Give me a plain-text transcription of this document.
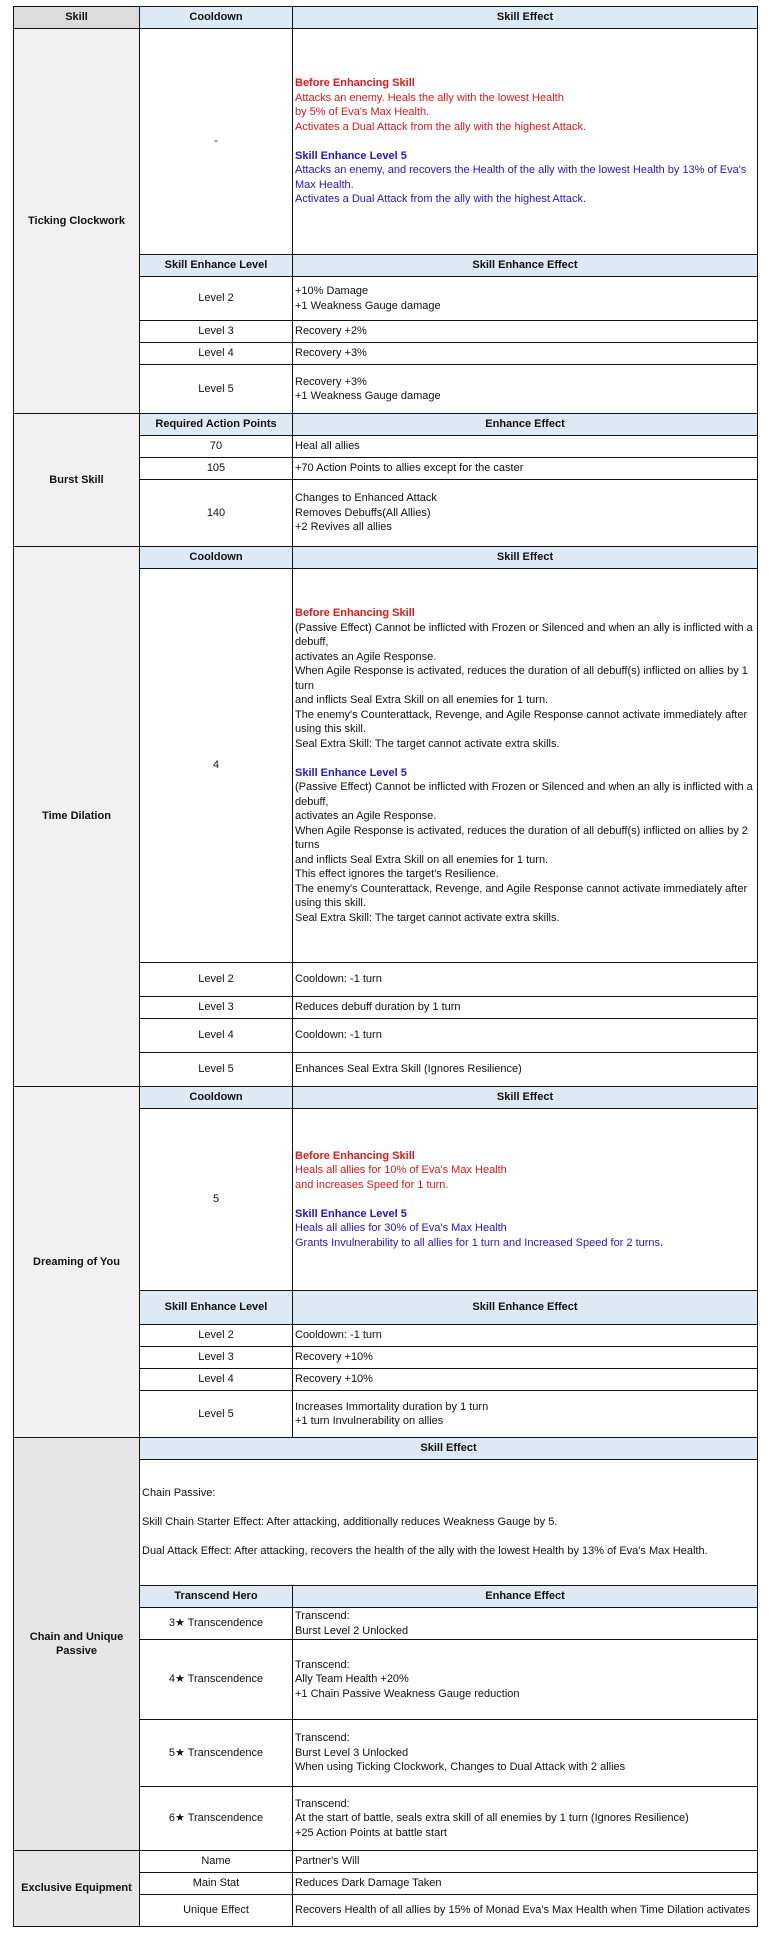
Skill	Cooldown	Skill Effect
Ticking Clockwork	-	
Before Enhancing Skill
Attacks an enemy. Heals the ally with the lowest Health
by 5% of Eva's Max Health.
Activates a Dual Attack from the ally with the highest Attack.
Skill Enhance Level 5
Attacks an enemy, and recovers the Health of the ally with the lowest Health by 13% of Eva's Max Health.
Activates a Dual Attack from the ally with the highest Attack.

	Skill Enhance Level	Skill Enhance Effect
	Level 2	+10% Damage
+1 Weakness Gauge damage

	Level 3	Recovery +2%
	Level 4	Recovery +3%
	Level 5	Recovery +3%
+1 Weakness Gauge damage

Burst Skill	Required Action Points	Enhance Effect
	70	Heal all allies
	105	+70 Action Points to allies except for the caster
	140	Changes to Enhanced Attack
Removes Debuffs(All Allies)
+2 Revives all allies

Time Dilation	Cooldown	Skill Effect
4	
Before Enhancing Skill
(Passive Effect) Cannot be inflicted with Frozen or Silenced and when an ally is inflicted with a debuff,
activates an Agile Response.
When Agile Response is activated, reduces the duration of all debuff(s) inflicted on allies by 1 turn
and inflicts Seal Extra Skill on all enemies for 1 turn.
The enemy's Counterattack, Revenge, and Agile Response cannot activate immediately after using this skill.
Seal Extra Skill: The target cannot activate extra skills.
Skill Enhance Level 5
(Passive Effect) Cannot be inflicted with Frozen or Silenced and when an ally is inflicted with a debuff,
activates an Agile Response.
When Agile Response is activated, reduces the duration of all debuff(s) inflicted on allies by 2 turns
and inflicts Seal Extra Skill on all enemies for 1 turn.
This effect ignores the target's Resilience.
The enemy's Counterattack, Revenge, and Agile Response cannot activate immediately after using this skill.
Seal Extra Skill: The target cannot activate extra skills.

	Level 2	Cooldown: -1 turn
	Level 3	Reduces debuff duration by 1 turn
	Level 4	Cooldown: -1 turn
	Level 5	Enhances Seal Extra Skill (Ignores Resilience)
Dreaming of You	Cooldown	Skill Effect
5	
Before Enhancing Skill
Heals all allies for 10% of Eva's Max Health
and increases Speed for 1 turn.
Skill Enhance Level 5
Heals all allies for 30% of Eva's Max Health
Grants Invulnerability to all allies for 1 turn and Increased Speed for 2 turns.

	Skill Enhance Level	Skill Enhance Effect
	Level 2	Cooldown: -1 turn
	Level 3	Recovery +10%
	Level 4	Recovery +10%
	Level 5	Increases Immortality duration by 1 turn
+1 turn Invulnerability on allies

Chain and Unique Passive	Skill Effect	

	Chain Passive:
Skill Chain Starter Effect: After attacking, additionally reduces Weakness Gauge by 5.
Dual Attack Effect: After attacking, recovers the health of the ally with the lowest Health by 13% of Eva's Max Health.	

	Transcend Hero	Enhance Effect
	3★ Transcendence	Transcend:
Burst Level 2 Unlocked

	4★ Transcendence	Transcend:
Ally Team Health +20%
+1 Chain Passive Weakness Gauge reduction

	5★ Transcendence	Transcend:
Burst Level 3 Unlocked
When using Ticking Clockwork, Changes to Dual Attack with 2 allies

	6★ Transcendence	Transcend:
At the start of battle, seals extra skill of all enemies by 1 turn (Ignores Resilience)
+25 Action Points at battle start

Exclusive Equipment	Name	Partner's Will
	Main Stat	Reduces Dark Damage Taken
	Unique Effect	Recovers Health of all allies by 15% of Monad Eva's Max Health when Time Dilation activates
